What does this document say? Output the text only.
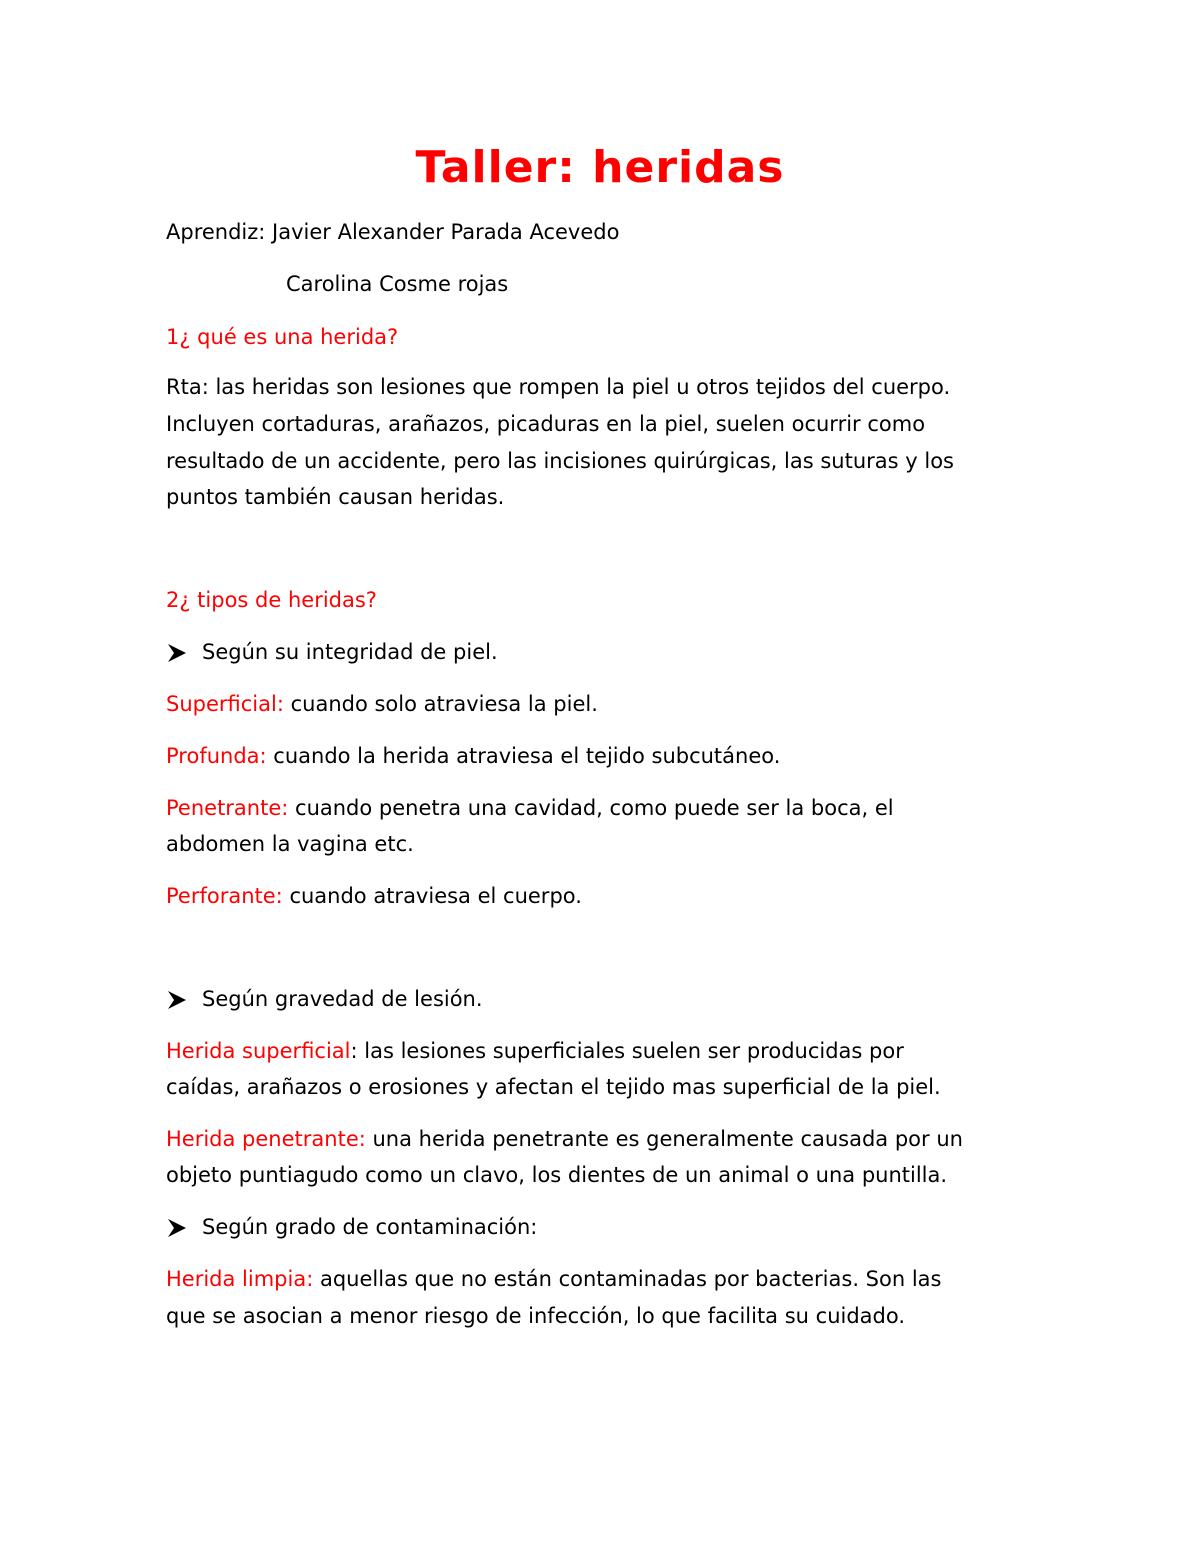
Taller: heridas
Aprendiz: Javier Alexander Parada Acevedo
Carolina Cosme rojas
1¿ qué es una herida?
Rta: las heridas son lesiones que rompen la piel u otros tejidos del cuerpo.
Incluyen cortaduras, arañazos, picaduras en la piel, suelen ocurrir como
resultado de un accidente, pero las incisiones quirúrgicas, las suturas y los
puntos también causan heridas.
2¿ tipos de heridas?
Según su integridad de piel.
Superficial: cuando solo atraviesa la piel.
Profunda: cuando la herida atraviesa el tejido subcutáneo.
Penetrante: cuando penetra una cavidad, como puede ser la boca, el
abdomen la vagina etc.
Perforante: cuando atraviesa el cuerpo.
Según gravedad de lesión.
Herida superficial: las lesiones superficiales suelen ser producidas por
caídas, arañazos o erosiones y afectan el tejido mas superficial de la piel.
Herida penetrante: una herida penetrante es generalmente causada por un
objeto puntiagudo como un clavo, los dientes de un animal o una puntilla.
Según grado de contaminación:
Herida limpia: aquellas que no están contaminadas por bacterias. Son las
que se asocian a menor riesgo de infección, lo que facilita su cuidado.
